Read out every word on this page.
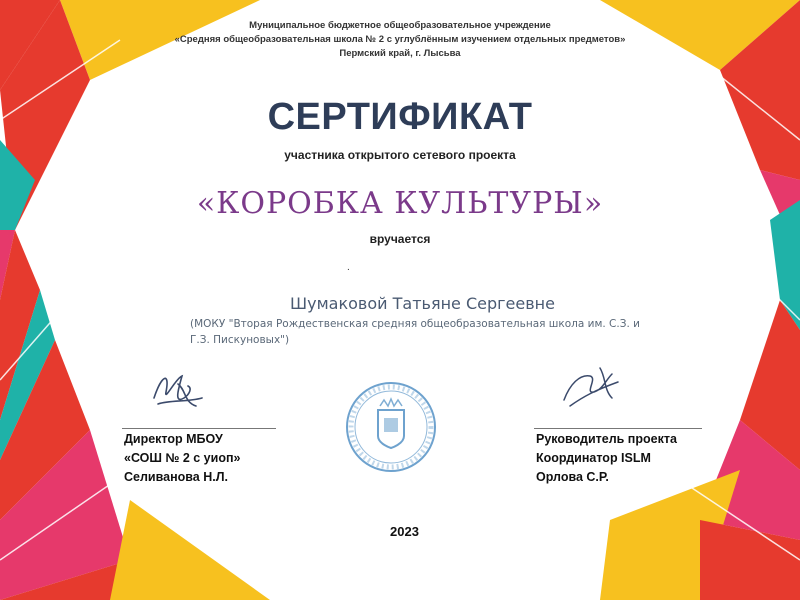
Муниципальное бюджетное общеобразовательное учреждение
«Средняя общеобразовательная школа № 2 с углублённым изучением отдельных предметов»
Пермский край, г. Лысьва
СЕРТИФИКАТ
участника открытого сетевого проекта
«КОРОБКА КУЛЬТУРЫ»
вручается
.
Шумаковой Татьяне Сергеевне
(МОКУ "Вторая Рождественская средняя общеобразовательная школа им. С.З. и
Г.З. Пискуновых")
Директор МБОУ
«СОШ № 2 с уиоп»
Селиванова Н.Л.
Руководитель проекта
Координатор ISLM
Орлова С.Р.
2023
